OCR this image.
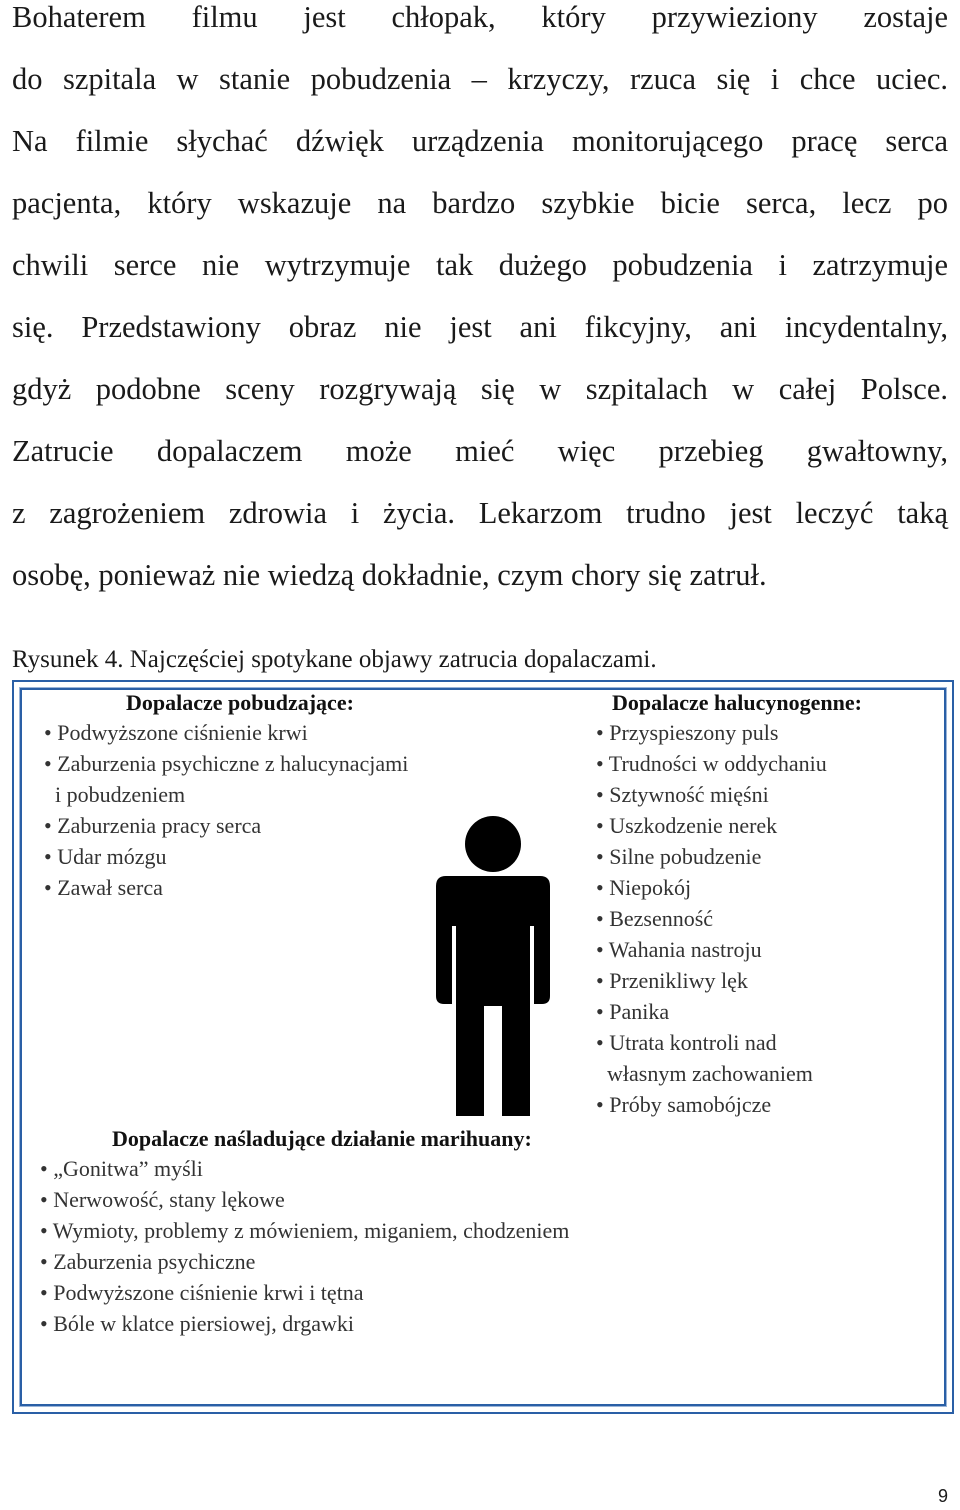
Bohaterem filmu jest chłopak, który przywieziony zostaje
do szpitala w stanie pobudzenia – krzyczy, rzuca się i chce uciec.
Na filmie słychać dźwięk urządzenia monitorującego pracę serca
pacjenta, który wskazuje na bardzo szybkie bicie serca, lecz po
chwili serce nie wytrzymuje tak dużego pobudzenia i zatrzymuje
się. Przedstawiony obraz nie jest ani fikcyjny, ani incydentalny,
gdyż podobne sceny rozgrywają się w szpitalach w całej Polsce.
Zatrucie dopalaczem może mieć więc przebieg gwałtowny,
z zagrożeniem zdrowia i życia. Lekarzom trudno jest leczyć taką
osobę, ponieważ nie wiedzą dokładnie, czym chory się zatruł.
Rysunek 4. Najczęściej spotykane objawy zatrucia dopalaczami.
Dopalacze pobudzające:
• Podwyższone ciśnienie krwi
• Zaburzenia psychiczne z halucynacjami
i pobudzeniem
• Zaburzenia pracy serca
• Udar mózgu
• Zawał serca
Dopalacze halucynogenne:
• Przyspieszony puls
• Trudności w oddychaniu
• Sztywność mięśni
• Uszkodzenie nerek
• Silne pobudzenie
• Niepokój
• Bezsenność
• Wahania nastroju
• Przenikliwy lęk
• Panika
• Utrata kontroli nad
własnym zachowaniem
• Próby samobójcze
Dopalacze naśladujące działanie marihuany:
• „Gonitwa” myśli
• Nerwowość, stany lękowe
• Wymioty, problemy z mówieniem, miganiem, chodzeniem
• Zaburzenia psychiczne
• Podwyższone ciśnienie krwi i tętna
• Bóle w klatce piersiowej, drgawki
9
